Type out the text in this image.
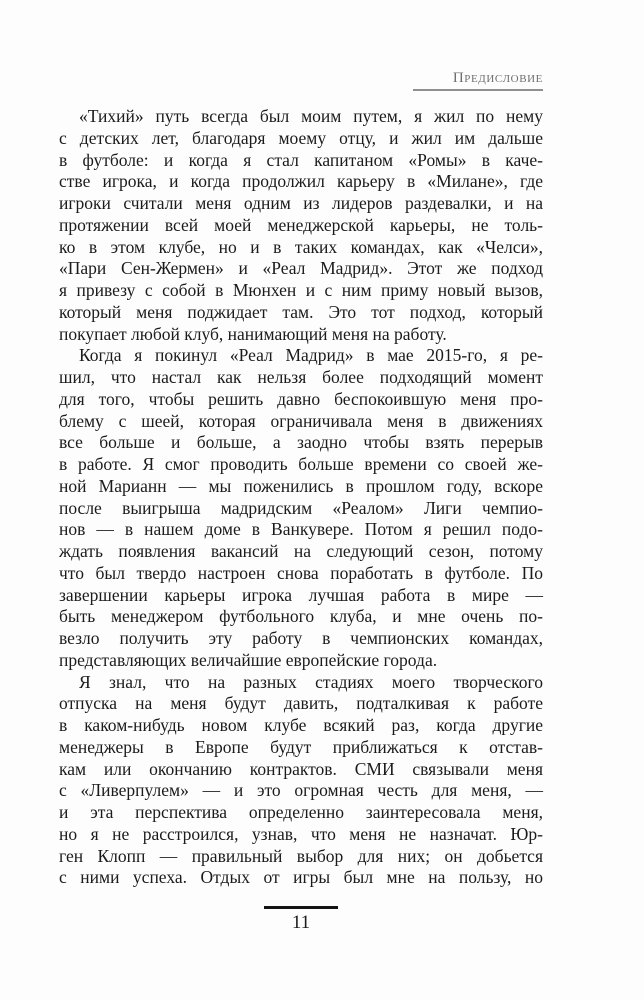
Предисловие
«Тихий» путь всегда был моим путем, я жил по нему
с детских лет, благодаря моему отцу, и жил им дальше
в футболе: и когда я стал капитаном «Ромы» в каче-
стве игрока, и когда продолжил карьеру в «Милане», где
игроки считали меня одним из лидеров раздевалки, и на
протяжении всей моей менеджерской карьеры, не толь-
ко в этом клубе, но и в таких командах, как «Челси»,
«Пари Сен-Жермен» и «Реал Мадрид». Этот же подход
я привезу с собой в Мюнхен и с ним приму новый вызов,
который меня поджидает там. Это тот подход, который
покупает любой клуб, нанимающий меня на работу.
Когда я покинул «Реал Мадрид» в мае 2015-го, я ре-
шил, что настал как нельзя более подходящий момент
для того, чтобы решить давно беспокоившую меня про-
блему с шеей, которая ограничивала меня в движениях
все больше и больше, а заодно чтобы взять перерыв
в работе. Я смог проводить больше времени со своей же-
ной Марианн — мы поженились в прошлом году, вскоре
после выигрыша мадридским «Реалом» Лиги чемпио-
нов — в нашем доме в Ванкувере. Потом я решил подо-
ждать появления вакансий на следующий сезон, потому
что был твердо настроен снова поработать в футболе. По
завершении карьеры игрока лучшая работа в мире —
быть менеджером футбольного клуба, и мне очень по-
везло получить эту работу в чемпионских командах,
представляющих величайшие европейские города.
Я знал, что на разных стадиях моего творческого
отпуска на меня будут давить, подталкивая к работе
в каком-нибудь новом клубе всякий раз, когда другие
менеджеры в Европе будут приближаться к отстав-
кам или окончанию контрактов. СМИ связывали меня
с «Ливерпулем» — и это огромная честь для меня, —
и эта перспектива определенно заинтересовала меня,
но я не расстроился, узнав, что меня не назначат. Юр-
ген Клопп — правильный выбор для них; он добьется
с ними успеха. Отдых от игры был мне на пользу, но
11
